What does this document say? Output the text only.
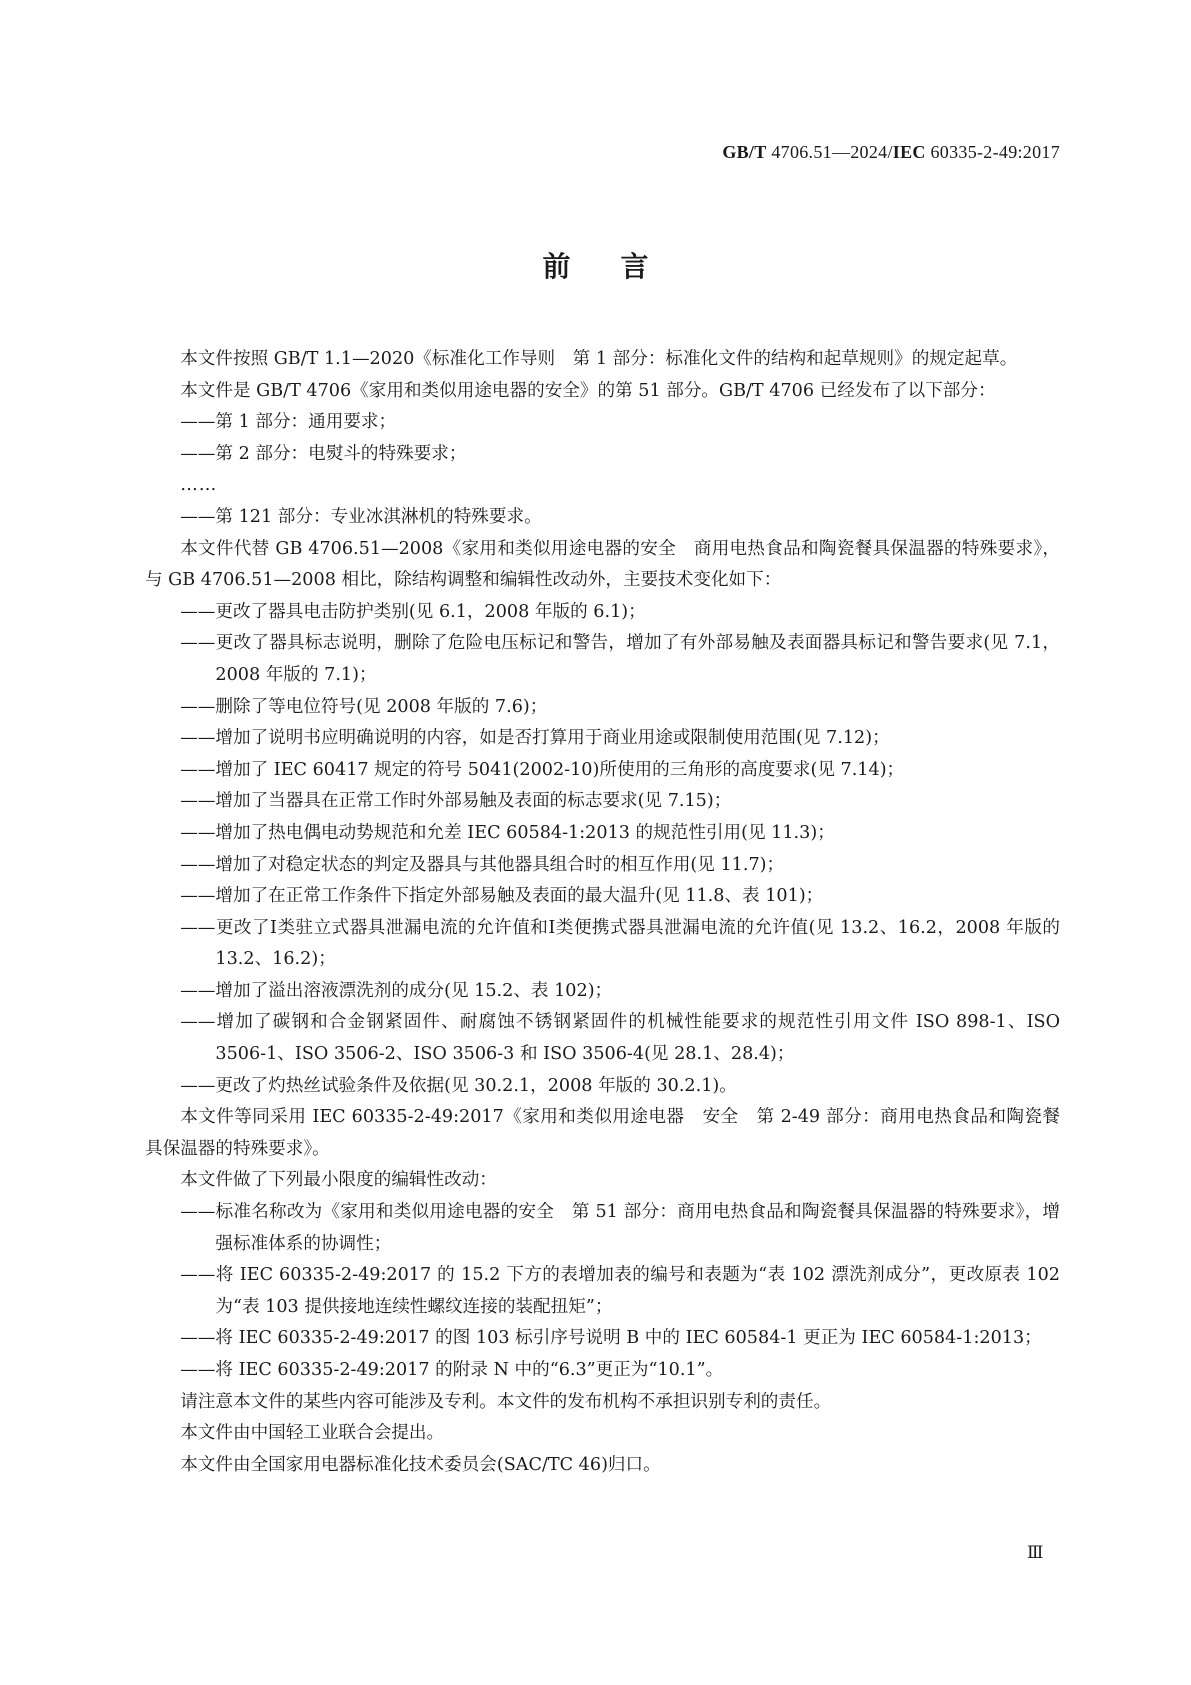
GB/T 4706.51—2024/IEC 60335-2-49:2017
前言

本文件按照 GB/T 1.1—2020《标准化工作导则　第 1 部分：标准化文件的结构和起草规则》的规定起草。

本文件是 GB/T 4706《家用和类似用途电器的安全》的第 51 部分。GB/T 4706 已经发布了以下部分：

——第 1 部分：通用要求；

——第 2 部分：电熨斗的特殊要求；

……

——第 121 部分：专业冰淇淋机的特殊要求。

本文件代替 GB 4706.51—2008《家用和类似用途电器的安全　商用电热食品和陶瓷餐具保温器的特殊要求》，与 GB 4706.51—2008 相比，除结构调整和编辑性改动外，主要技术变化如下：

——更改了器具电击防护类别(见 6.1，2008 年版的 6.1)；

——更改了器具标志说明，删除了危险电压标记和警告，增加了有外部易触及表面器具标记和警告要求(见 7.1，2008 年版的 7.1)；

——删除了等电位符号(见 2008 年版的 7.6)；

——增加了说明书应明确说明的内容，如是否打算用于商业用途或限制使用范围(见 7.12)；

——增加了 IEC 60417 规定的符号 5041(2002-10)所使用的三角形的高度要求(见 7.14)；

——增加了当器具在正常工作时外部易触及表面的标志要求(见 7.15)；

——增加了热电偶电动势规范和允差 IEC 60584-1:2013 的规范性引用(见 11.3)；

——增加了对稳定状态的判定及器具与其他器具组合时的相互作用(见 11.7)；

——增加了在正常工作条件下指定外部易触及表面的最大温升(见 11.8、表 101)；

——更改了Ⅰ类驻立式器具泄漏电流的允许值和Ⅰ类便携式器具泄漏电流的允许值(见 13.2、16.2，2008 年版的 13.2、16.2)；

——增加了溢出溶液漂洗剂的成分(见 15.2、表 102)；

——增加了碳钢和合金钢紧固件、耐腐蚀不锈钢紧固件的机械性能要求的规范性引用文件 ISO 898-1、ISO 3506-1、ISO 3506-2、ISO 3506-3 和 ISO 3506-4(见 28.1、28.4)；

——更改了灼热丝试验条件及依据(见 30.2.1，2008 年版的 30.2.1)。

本文件等同采用 IEC 60335-2-49:2017《家用和类似用途电器　安全　第 2-49 部分：商用电热食品和陶瓷餐具保温器的特殊要求》。

本文件做了下列最小限度的编辑性改动：

——标准名称改为《家用和类似用途电器的安全　第 51 部分：商用电热食品和陶瓷餐具保温器的特殊要求》，增强标准体系的协调性；

——将 IEC 60335-2-49:2017 的 15.2 下方的表增加表的编号和表题为“表 102 漂洗剂成分”，更改原表 102 为“表 103 提供接地连续性螺纹连接的装配扭矩”；

——将 IEC 60335-2-49:2017 的图 103 标引序号说明 B 中的 IEC 60584-1 更正为 IEC 60584-1:2013；

——将 IEC 60335-2-49:2017 的附录 N 中的“6.3”更正为“10.1”。

请注意本文件的某些内容可能涉及专利。本文件的发布机构不承担识别专利的责任。

本文件由中国轻工业联合会提出。

本文件由全国家用电器标准化技术委员会(SAC/TC 46)归口。

Ⅲ
